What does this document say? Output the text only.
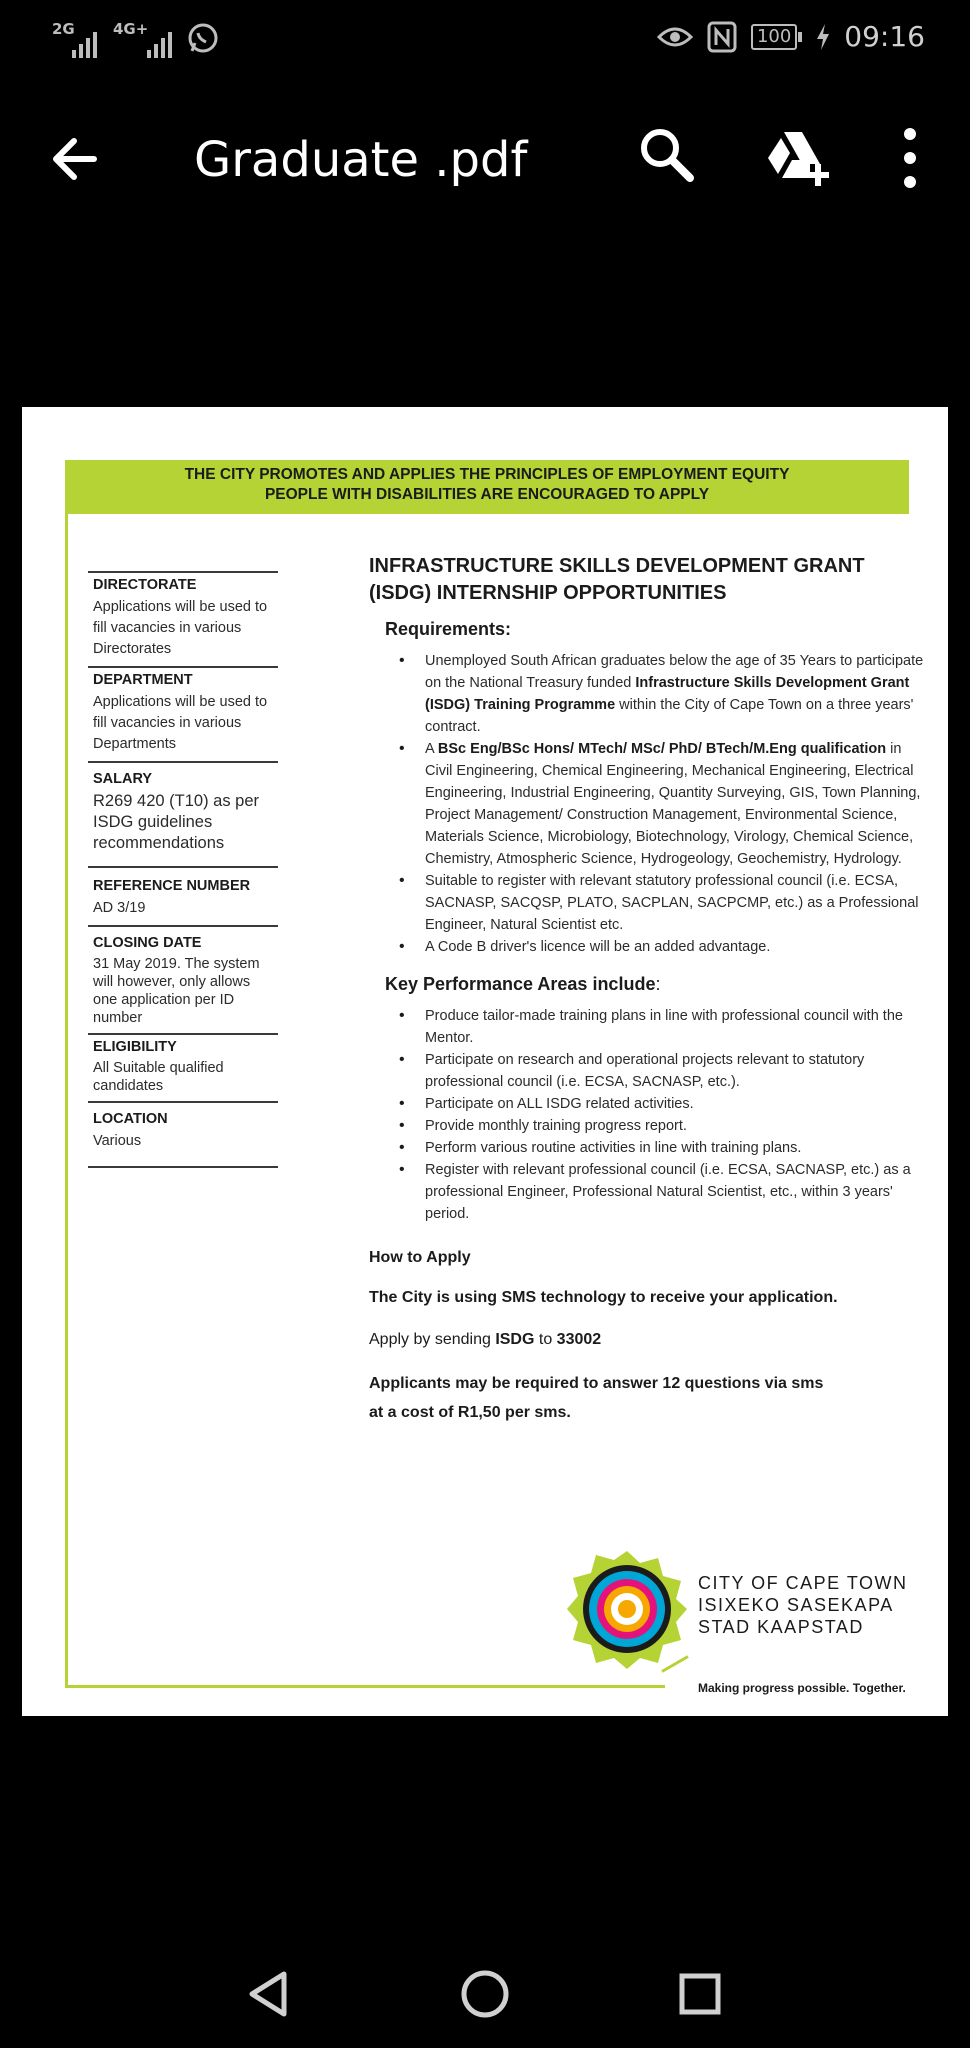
2G	4G+	100 09:16
Graduate .pdf
THE CITY PROMOTES AND APPLIES THE PRINCIPLES OF EMPLOYMENT EQUITY
PEOPLE WITH DISABILITIES ARE ENCOURAGED TO APPLY
DIRECTORATE
Applications will be used to fill vacancies in various Directorates
DEPARTMENT
Applications will be used to fill vacancies in various Departments
SALARY
R269 420 (T10) as per ISDG guidelines recommendations
REFERENCE NUMBER
AD 3/19
CLOSING DATE
31 May 2019. The system will however, only allows one application per ID number
ELIGIBILITY
All Suitable qualified candidates
LOCATION
Various
INFRASTRUCTURE SKILLS DEVELOPMENT GRANT (ISDG) INTERNSHIP OPPORTUNITIES
Requirements:
• Unemployed South African graduates below the age of 35 Years to participate on the National Treasury funded Infrastructure Skills Development Grant (ISDG) Training Programme within the City of Cape Town on a three years' contract.
• A BSc Eng/BSc Hons/ MTech/ MSc/ PhD/ BTech/M.Eng qualification in Civil Engineering, Chemical Engineering, Mechanical Engineering, Electrical Engineering, Industrial Engineering, Quantity Surveying, GIS, Town Planning, Project Management/ Construction Management, Environmental Science, Materials Science, Microbiology, Biotechnology, Virology, Chemical Science, Chemistry, Atmospheric Science, Hydrogeology, Geochemistry, Hydrology.
• Suitable to register with relevant statutory professional council (i.e. ECSA, SACNASP, SACQSP, PLATO, SACPLAN, SACPCMP, etc.) as a Professional Engineer, Natural Scientist etc.
• A Code B driver's licence will be an added advantage.
Key Performance Areas include:
• Produce tailor-made training plans in line with professional council with the Mentor.
• Participate on research and operational projects relevant to statutory professional council (i.e. ECSA, SACNASP, etc.).
• Participate on ALL ISDG related activities.
• Provide monthly training progress report.
• Perform various routine activities in line with training plans.
• Register with relevant professional council (i.e. ECSA, SACNASP, etc.) as a professional Engineer, Professional Natural Scientist, etc., within 3 years' period.
How to Apply
The City is using SMS technology to receive your application.
Apply by sending ISDG to 33002
Applicants may be required to answer 12 questions via sms at a cost of R1,50 per sms.
CITY OF CAPE TOWN
ISIXEKO SASEKAPA
STAD KAAPSTAD
Making progress possible. Together.
